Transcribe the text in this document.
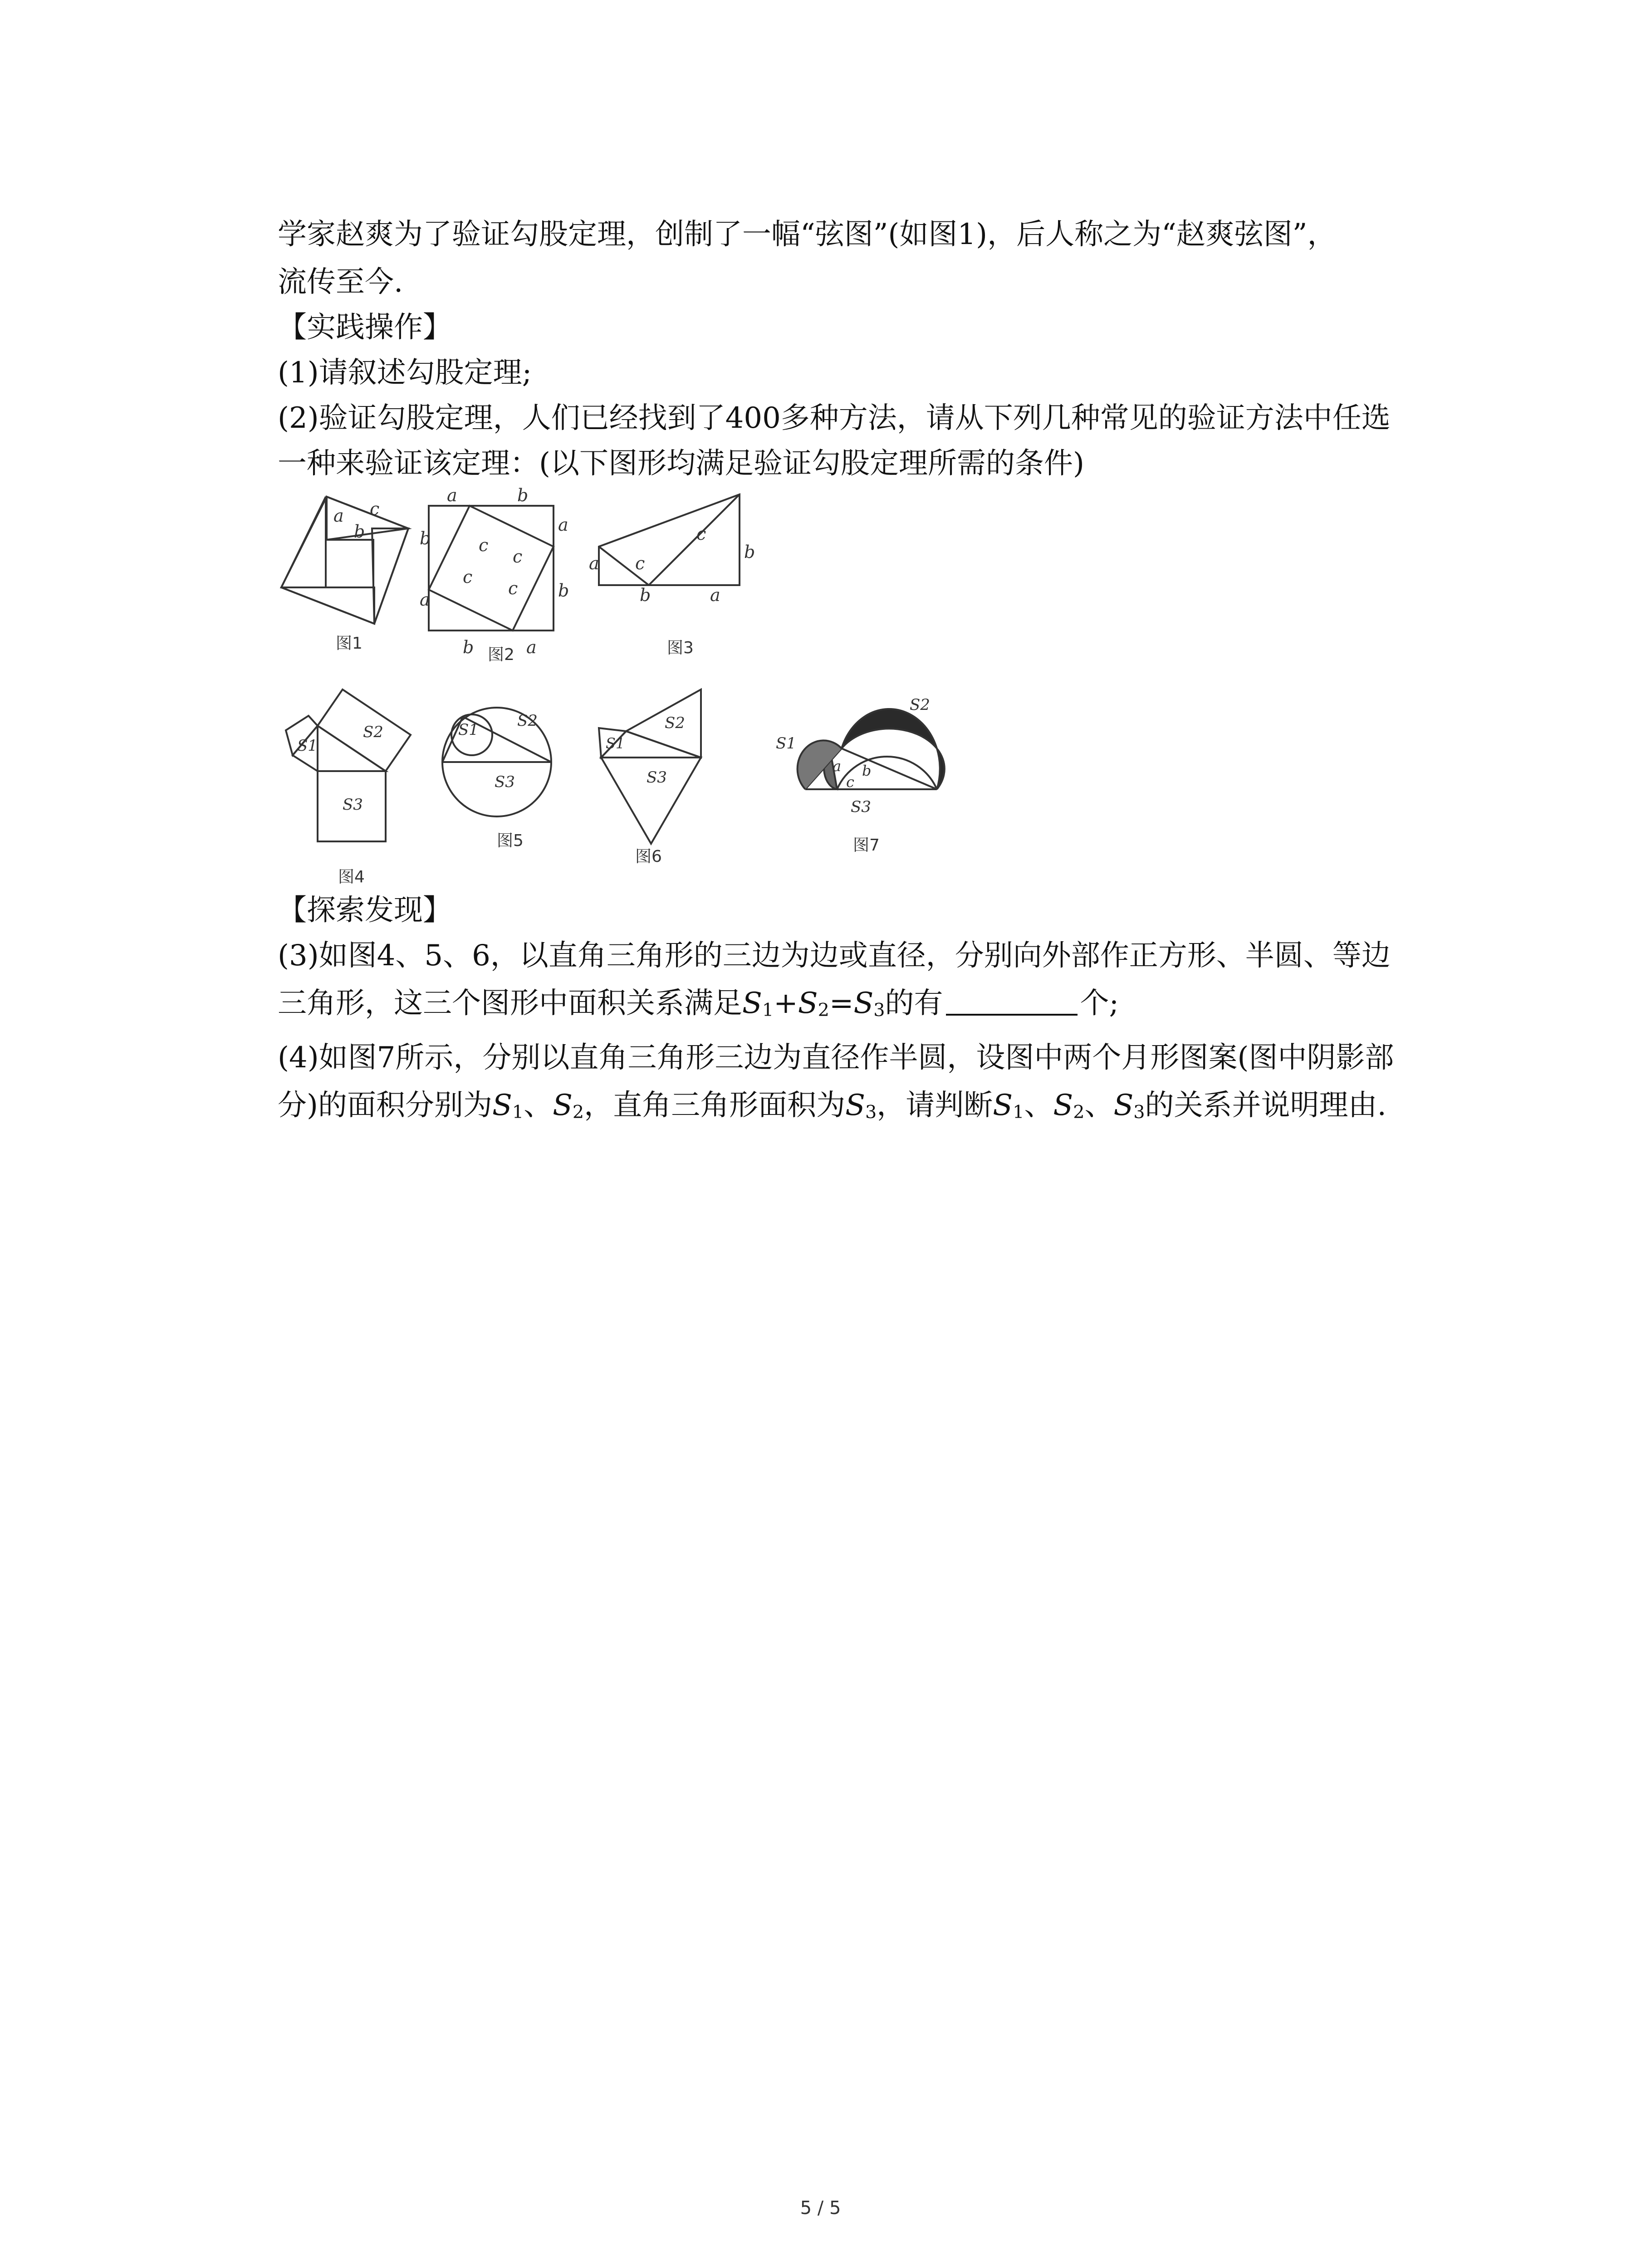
学家赵爽为了验证勾股定理，创制了一幅“弦图”(如图1)，后人称之为“赵爽弦图”，
流传至今.
【实践操作】
(1)请叙述勾股定理;
(2)验证勾股定理，人们已经找到了400多种方法，请从下列几种常见的验证方法中任选
一种来验证该定理：(以下图形均满足验证勾股定理所需的条件)
a
b
c
a	b
a
b
b
a
b	a
c
c
c
c
a c
c
b
b	a
S1
S2
S3
S1	S2
S3
S1
S2
S3
S1
S2
a b
c
S3
图1
图2	图3
图4
图5
图6
图7
【探索发现】
(3)如图4、5、6，以直角三角形的三边为边或直径，分别向外部作正方形、半圆、等边
三角形，这三个图形中面积关系满足S1+S2=S3的有	个;
(4)如图7所示，分别以直角三角形三边为直径作半圆，设图中两个月形图案(图中阴影部
分)的面积分别为S1、S2，直角三角形面积为S3，请判断S1、S2、S3的关系并说明理由.
5 / 5
